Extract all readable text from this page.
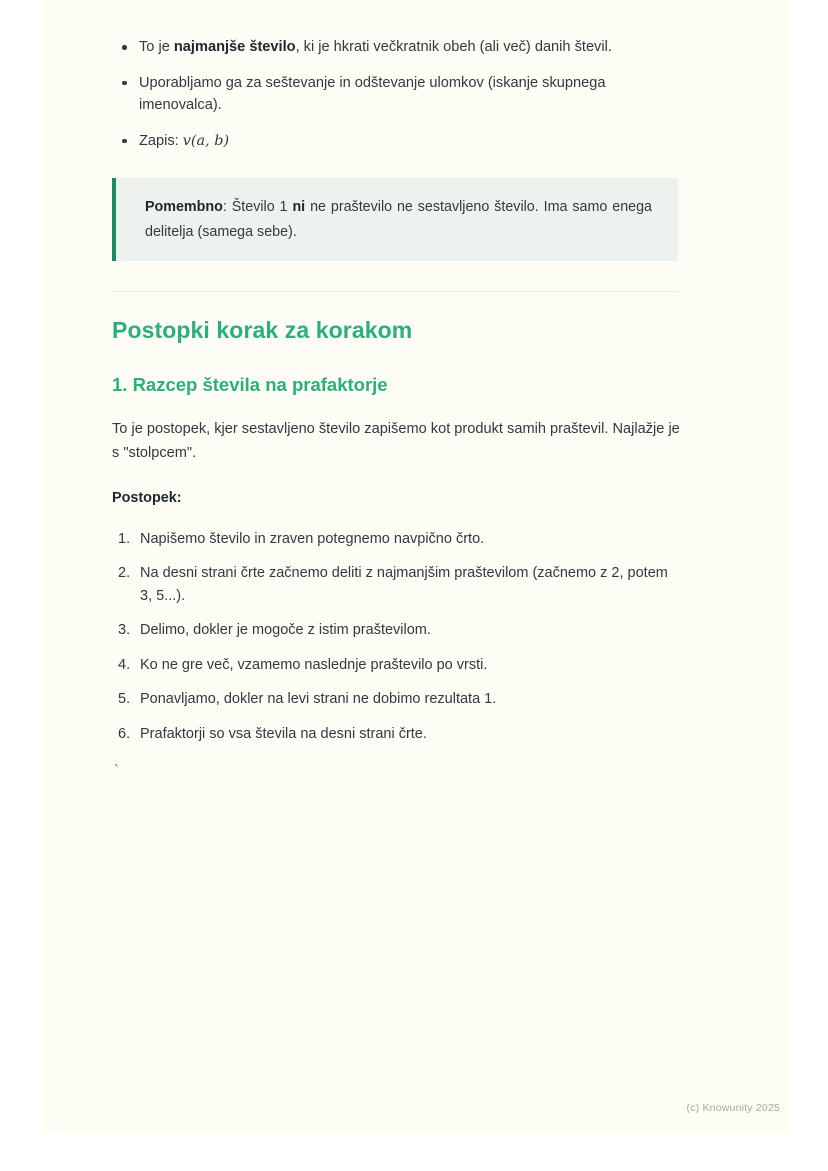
To je najmanjše število, ki je hkrati večkratnik obeh (ali več) danih števil.
Uporabljamo ga za seštevanje in odštevanje ulomkov (iskanje skupnega imenovalca).
Zapis: v(a, b)

Pomembno: Število 1 ni ne praštevilo ne sestavljeno število. Ima samo enega delitelja (samega sebe).

Postopki korak za korakom
1. Razcep števila na prafaktorje

To je postopek, kjer sestavljeno število zapišemo kot produkt samih praštevil. Najlažje je s "stolpcem".

Postopek:

Napišemo število in zraven potegnemo navpično črto.
Na desni strani črte začnemo deliti z najmanjšim praštevilom (začnemo z 2, potem 3, 5...).
Delimo, dokler je mogoče z istim praštevilom.
Ko ne gre več, vzamemo naslednje praštevilo po vrsti.
Ponavljamo, dokler na levi strani ne dobimo rezultata 1.
Prafaktorji so vsa števila na desni strani črte.
`
(c) Knowunity 2025
